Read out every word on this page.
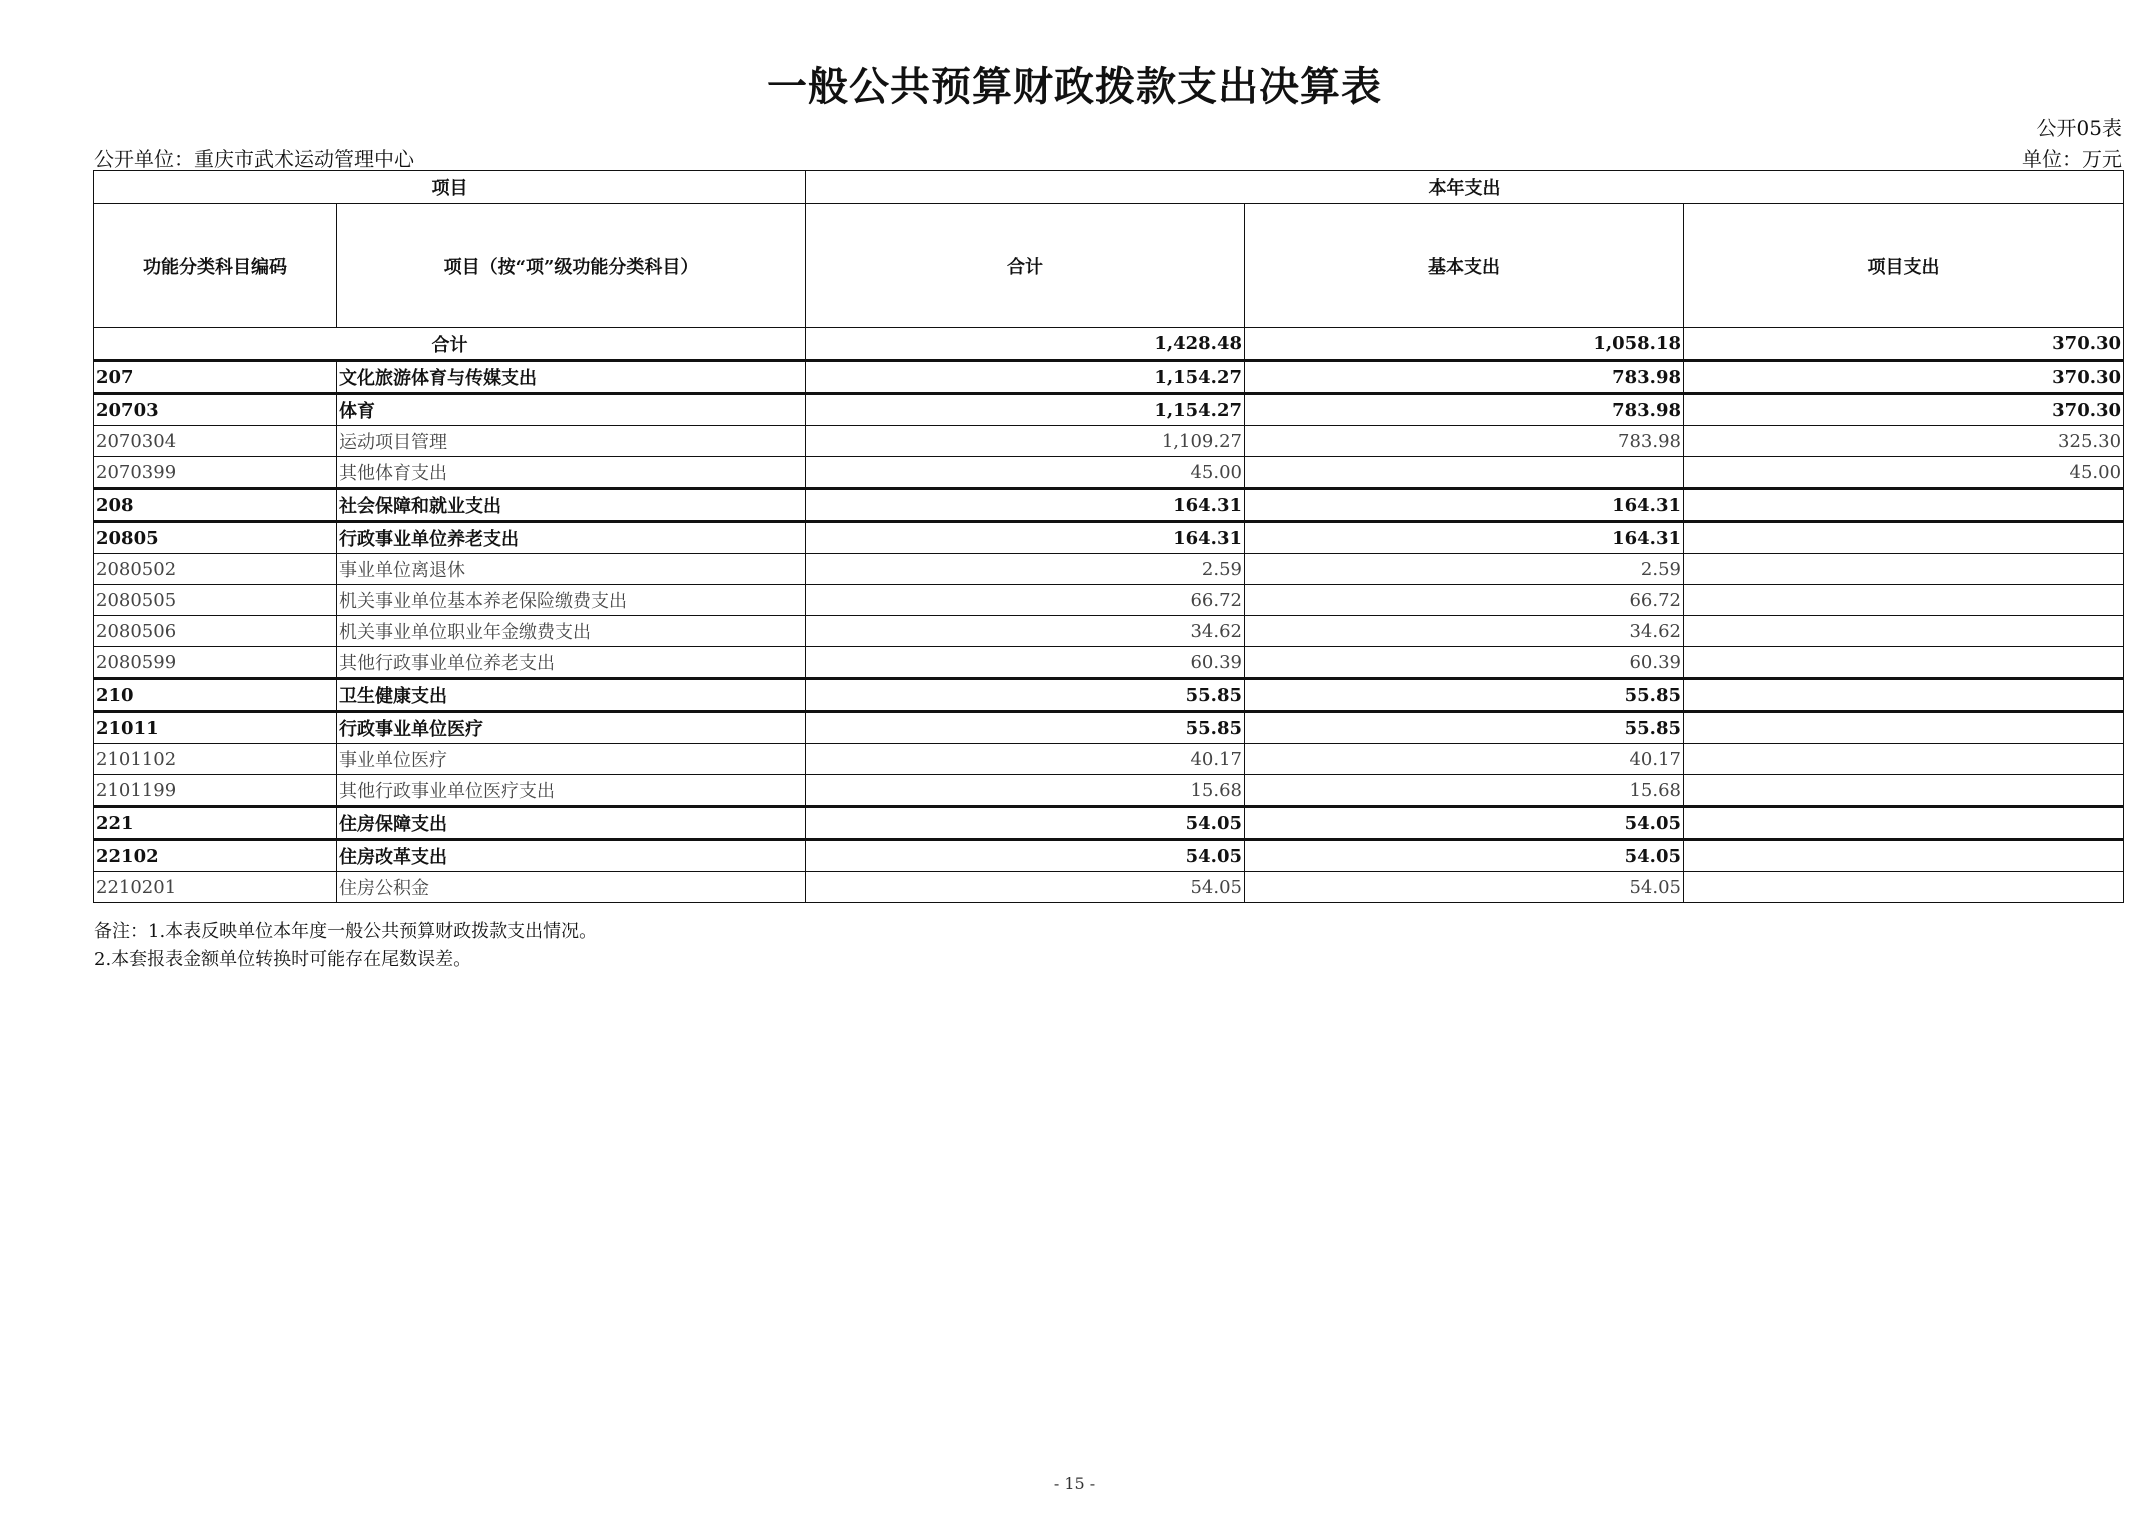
一般公共预算财政拨款支出决算表
公开05表
公开单位：重庆市武术运动管理中心	单位：万元
项目		本年支出		
功能分类科目编码	项目（按“项”级功能分类科目）	合计	基本支出	项目支出
合计		1,428.48	1,058.18	370.30
207	文化旅游体育与传媒支出	1,154.27	783.98	370.30
20703	体育	1,154.27	783.98	370.30
2070304	运动项目管理	1,109.27	783.98	325.30
2070399	其他体育支出	45.00		45.00
208	社会保障和就业支出	164.31	164.31	
20805	行政事业单位养老支出	164.31	164.31	
2080502	事业单位离退休	2.59	2.59	
2080505	机关事业单位基本养老保险缴费支出	66.72	66.72	
2080506	机关事业单位职业年金缴费支出	34.62	34.62	
2080599	其他行政事业单位养老支出	60.39	60.39	
210	卫生健康支出	55.85	55.85	
21011	行政事业单位医疗	55.85	55.85	
2101102	事业单位医疗	40.17	40.17	
2101199	其他行政事业单位医疗支出	15.68	15.68	
221	住房保障支出	54.05	54.05	
22102	住房改革支出	54.05	54.05	
2210201	住房公积金	54.05	54.05	
备注：1.本表反映单位本年度一般公共预算财政拨款支出情况。
2.本套报表金额单位转换时可能存在尾数误差。
- 15 -
